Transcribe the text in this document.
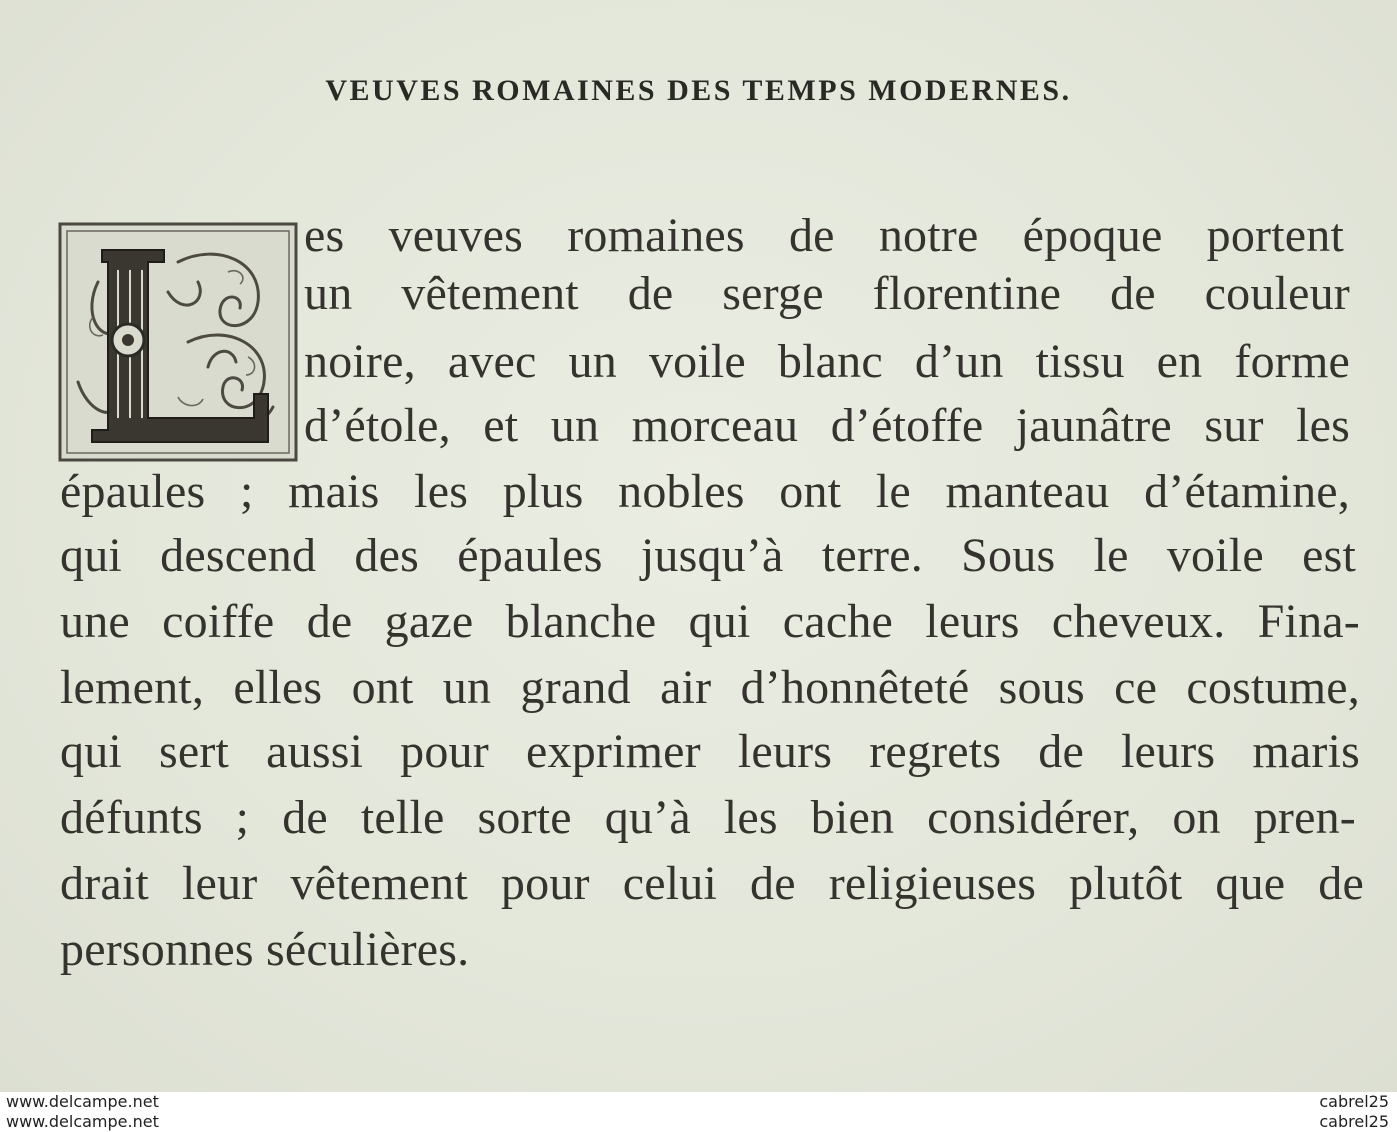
VEUVES ROMAINES DES TEMPS MODERNES.
es veuves romaines de notre époque portent
un vêtement de serge florentine de couleur
noire, avec un voile blanc d’un tissu en forme
d’étole, et un morceau d’étoffe jaunâtre sur les
épaules ; mais les plus nobles ont le manteau d’étamine,
qui descend des épaules jusqu’à terre. Sous le voile est
une coiffe de gaze blanche qui cache leurs cheveux. Fina-
lement, elles ont un grand air d’honnêteté sous ce costume,
qui sert aussi pour exprimer leurs regrets de leurs maris
défunts ; de telle sorte qu’à les bien considérer, on pren-
drait leur vêtement pour celui de religieuses plutôt que de
personnes séculières.
www.delcampe.net
www.delcampe.net
cabrel25
cabrel25
